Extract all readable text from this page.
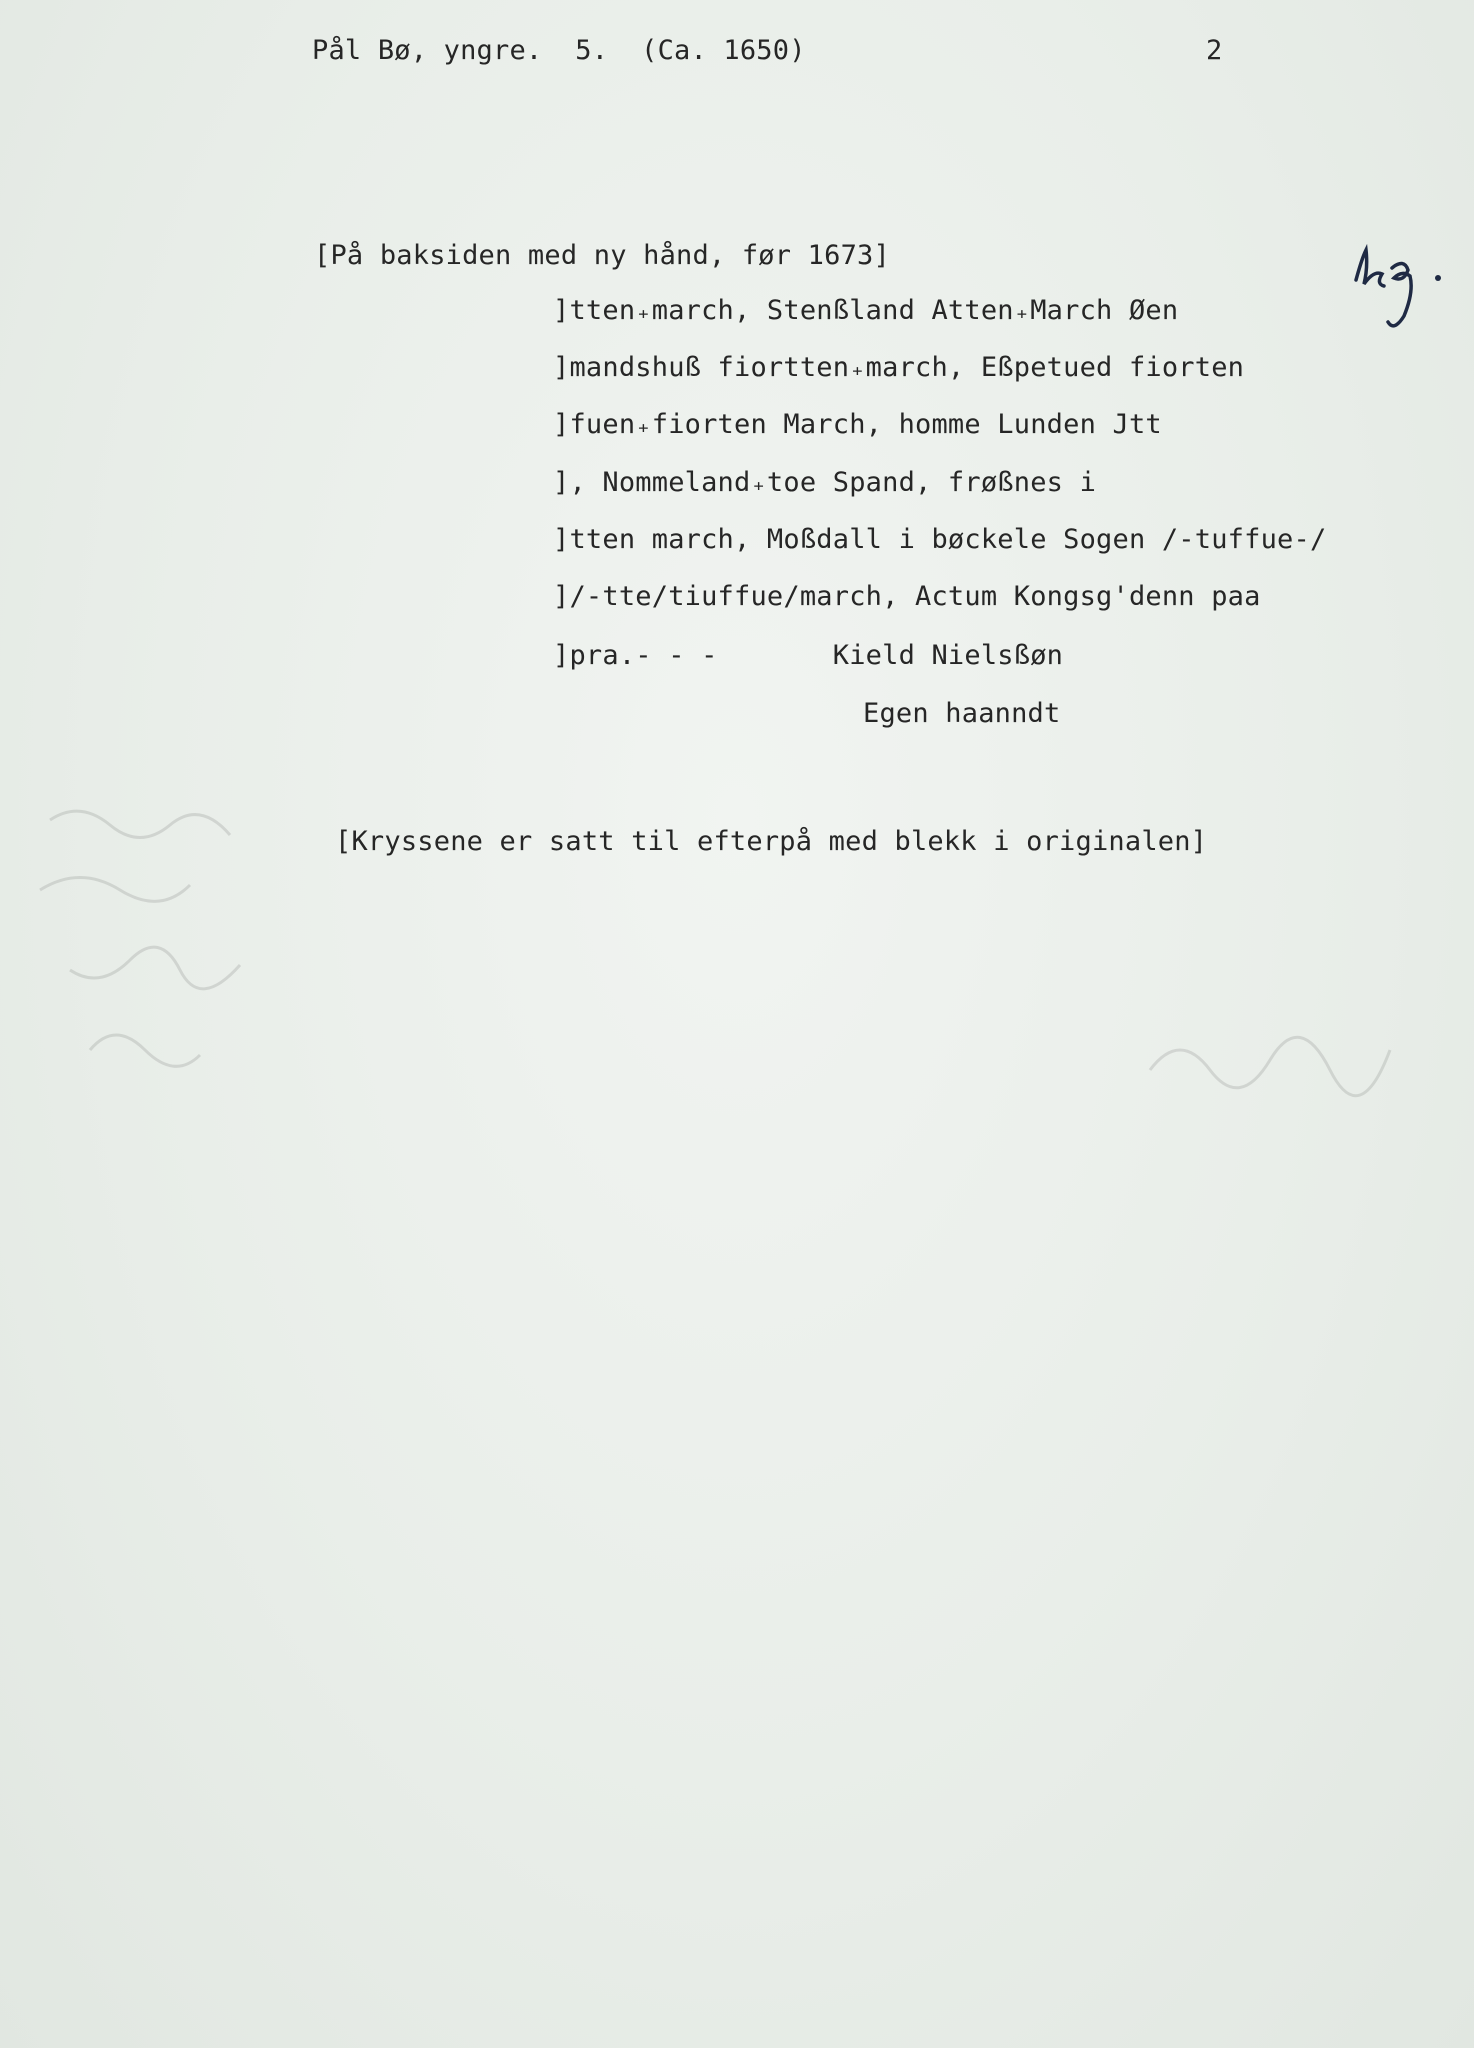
Pål Bø, yngre.  5.  (Ca. 1650)	2
[På baksiden med ny hånd, før 1673]
]tten₊march, Stenßland Atten₊March Øen
]mandshuß fiortten₊march, Eßpetued fiorten
]fuen₊fiorten March, homme Lunden Jtt
], Nommeland₊toe Spand, frøßnes i
]tten march, Moßdall i bøckele Sogen /-tuffue-/
]/-tte/tiuffue/march, Actum Kongsg'denn paa
]pra.- - -       Kield Nielsßøn
Egen haanndt
[Kryssene er satt til efterpå med blekk i originalen]
